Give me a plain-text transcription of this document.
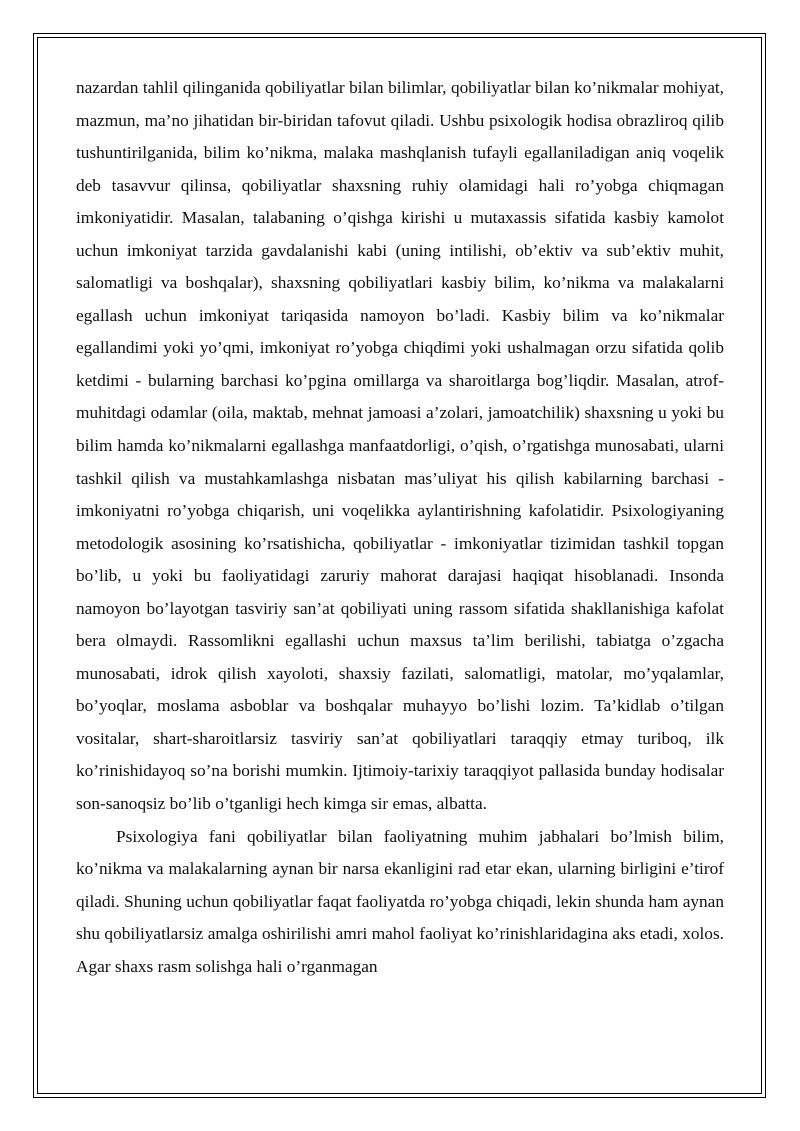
nazardan tahlil qilinganida qobiliyatlar bilan bilimlar, qobiliyatlar bilan ko’nikmalar mohiyat, mazmun, ma’no jihatidan bir-biridan tafovut qiladi. Ushbu psixologik hodisa obrazliroq qilib tushuntirilganida, bilim ko’nikma, malaka mashqlanish tufayli egallaniladigan aniq voqelik deb tasavvur qilinsa, qobiliyatlar shaxsning ruhiy olamidagi hali ro’yobga chiqmagan imkoniyatidir. Masalan, talabaning o’qishga kirishi u mutaxassis sifatida kasbiy kamolot uchun imkoniyat tarzida gavdalanishi kabi (uning intilishi, ob’ektiv va sub’ektiv muhit, salomatligi va boshqalar), shaxsning qobiliyatlari kasbiy bilim, ko’nikma va malakalarni egallash uchun imkoniyat tariqasida namoyon bo’ladi. Kasbiy bilim va ko’nikmalar egallandimi yoki yo’qmi, imkoniyat ro’yobga chiqdimi yoki ushalmagan orzu sifatida qolib ketdimi - bularning barchasi ko’pgina omillarga va sharoitlarga bog’liqdir. Masalan, atrof-muhitdagi odamlar (oila, maktab, mehnat jamoasi a’zolari, jamoatchilik) shaxsning u yoki bu bilim hamda ko’nikmalarni egallashga manfaatdorligi, o’qish, o’rgatishga munosabati, ularni tashkil qilish va mustahkamlashga nisbatan mas’uliyat his qilish kabilarning barchasi - imkoniyatni ro’yobga chiqarish, uni voqelikka aylantirishning kafolatidir. Psixologiyaning metodologik asosining ko’rsatishicha, qobiliyatlar - imkoniyatlar tizimidan tashkil topgan bo’lib, u yoki bu faoliyatidagi zaruriy mahorat darajasi haqiqat hisoblanadi. Insonda namoyon bo’layotgan tasviriy san’at qobiliyati uning rassom sifatida shakllanishiga kafolat bera olmaydi. Rassomlikni egallashi uchun maxsus ta’lim berilishi, tabiatga o’zgacha munosabati, idrok qilish xayoloti, shaxsiy fazilati, salomatligi, matolar, mo’yqalamlar, bo’yoqlar, moslama asboblar va boshqalar muhayyo bo’lishi lozim. Ta’kidlab o’tilgan vositalar, shart-sharoitlarsiz tasviriy san’at qobiliyatlari taraqqiy etmay turiboq, ilk ko’rinishidayoq so’na borishi mumkin. Ijtimoiy-tarixiy taraqqiyot pallasida bunday hodisalar son-sanoqsiz bo’lib o’tganligi hech kimga sir emas, albatta.

Psixologiya fani qobiliyatlar bilan faoliyatning muhim jabhalari bo’lmish bilim, ko’nikma va malakalarning aynan bir narsa ekanligini rad etar ekan, ularning birligini e’tirof qiladi. Shuning uchun qobiliyatlar faqat faoliyatda ro’yobga chiqadi, lekin shunda ham aynan shu qobiliyatlarsiz amalga oshirilishi amri mahol faoliyat ko’rinishlaridagina aks etadi, xolos. Agar shaxs rasm solishga hali o’rganmagan
